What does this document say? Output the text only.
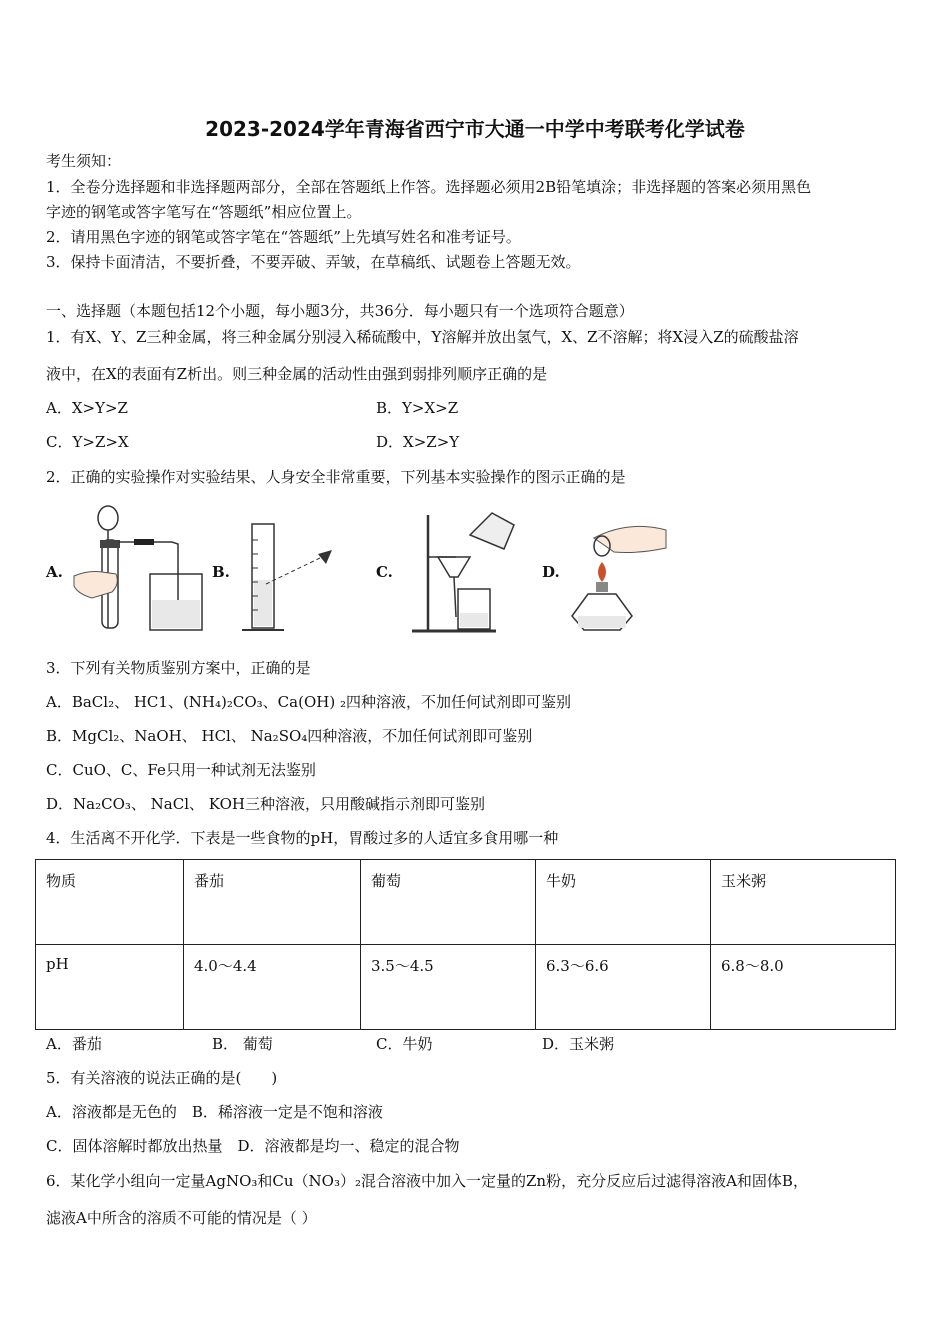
2023-2024学年青海省西宁市大通一中学中考联考化学试卷
考生须知：
1．全卷分选择题和非选择题两部分，全部在答题纸上作答。选择题必须用2B铅笔填涂；非选择题的答案必须用黑色
字迹的钢笔或答字笔写在“答题纸”相应位置上。
2．请用黑色字迹的钢笔或答字笔在“答题纸”上先填写姓名和准考证号。
3．保持卡面清洁，不要折叠，不要弄破、弄皱，在草稿纸、试题卷上答题无效。
一、选择题（本题包括12个小题，每小题3分，共36分．每小题只有一个选项符合题意）
1．有X、Y、Z三种金属，将三种金属分别浸入稀硫酸中，Y溶解并放出氢气，X、Z不溶解；将X浸入Z的硫酸盐溶
液中，在X的表面有Z析出。则三种金属的活动性由强到弱排列顺序正确的是
A．X>Y>Z	B．Y>X>Z
C．Y>Z>X	D．X>Z>Y
2．正确的实验操作对实验结果、人身安全非常重要，下列基本实验操作的图示正确的是
A.	B.	C.	D.
3．下列有关物质鉴别方案中，正确的是
A．BaCl₂、 HC1、(NH₄)₂CO₃、Ca(OH) ₂四种溶液，不加任何试剂即可鉴别
B．MgCl₂、NaOH、 HCl、 Na₂SO₄四种溶液，不加任何试剂即可鉴别
C．CuO、C、Fe只用一种试剂无法鉴别
D．Na₂CO₃、 NaCl、 KOH三种溶液，只用酸碱指示剂即可鉴别
4．生活离不开化学．下表是一些食物的pH，胃酸过多的人适宜多食用哪一种
物质	番茄	葡萄	牛奶	玉米粥
pH	4.0～4.4	3.5～4.5	6.3～6.6	6.8～8.0
A．番茄	B． 葡萄	C．牛奶	D．玉米粥
5．有关溶液的说法正确的是(　　)
A．溶液都是无色的　B．稀溶液一定是不饱和溶液
C．固体溶解时都放出热量　D．溶液都是均一、稳定的混合物
6．某化学小组向一定量AgNO₃和Cu（NO₃）₂混合溶液中加入一定量的Zn粉，充分反应后过滤得溶液A和固体B，
滤液A中所含的溶质不可能的情况是（ ）
